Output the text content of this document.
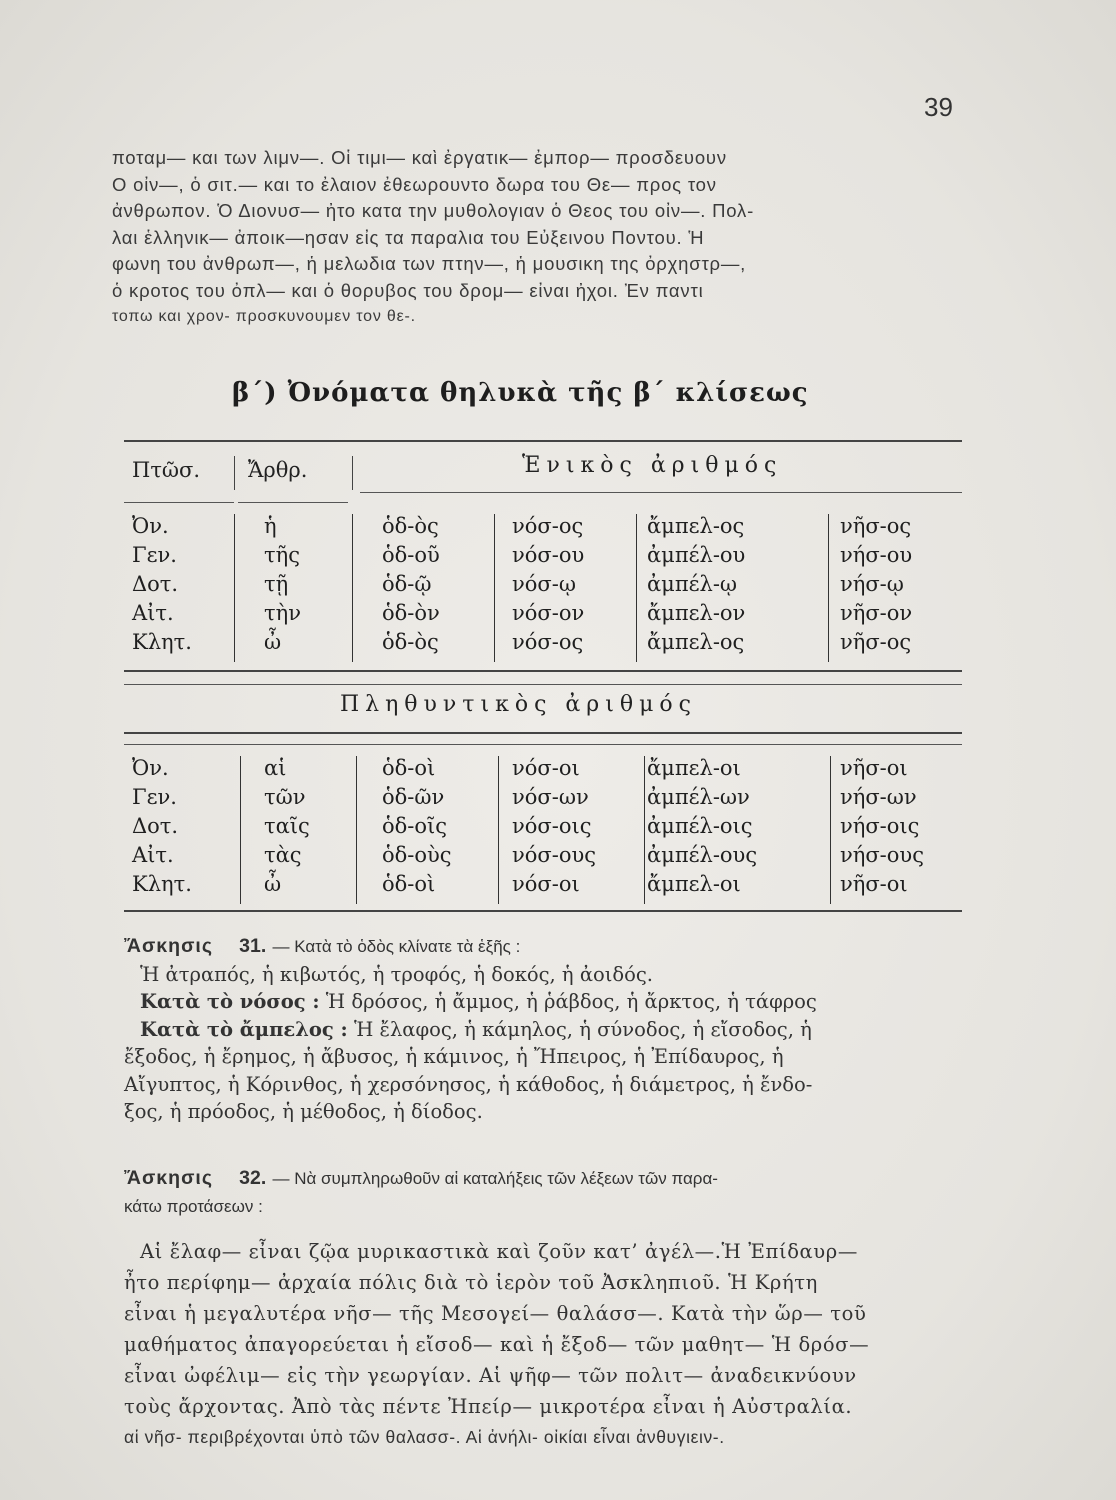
39
ποταμ— και των λιμν—. Οἱ τιμι— καὶ ἐργατικ— ἐμπορ— προσδευουν
Ο οἰν—, ὁ σιτ.— και το ἐλαιον ἐθεωρουντο δωρα του Θε— προς τον
ἀνθρωπον. Ὁ Διονυσ— ἠτο κατα την μυθολογιαν ὁ Θεος του οἰν—. Πολ-
λαι ἑλληνικ— ἀποικ—ησαν εἰς τα παραλια του Εὐξεινου Ποντου. Ἡ
φωνη του ἀνθρωπ—, ἡ μελωδια των πτην—, ἡ μουσικη της ὀρχηστρ—,
ὁ κροτος του ὀπλ— και ὁ θορυβος του δρομ— εἰναι ἠχοι. Ἐν παντι
τοπω και χρον- προσκυνουμεν τον θε-.
β΄) Ὀνόματα θηλυκὰ τῆς β΄ κλίσεως
Πτῶσ. Ἄρθρ.	Ἑνικὸς ἀριθμός
Ὀν.	ἡ	ὁδ-ὸς	νόσ-ος	ἄμπελ-ος	νῆσ-ος
Γεν.	τῆς	ὁδ-οῦ	νόσ-ου	ἀμπέλ-ου	νήσ-ου
Δοτ.	τῇ	ὁδ-ῷ	νόσ-ῳ	ἀμπέλ-ῳ	νήσ-ῳ
Αἰτ.	τὴν	ὁδ-ὸν	νόσ-ον	ἄμπελ-ον	νῆσ-ον
Κλητ.	ὦ	ὁδ-ὸς	νόσ-ος	ἄμπελ-ος	νῆσ-ος
Πληθυντικὸς ἀριθμός
Ὀν.	αἱ	ὁδ-οὶ	νόσ-οι	ἄμπελ-οι	νῆσ-οι
Γεν.	τῶν	ὁδ-ῶν	νόσ-ων	ἀμπέλ-ων	νήσ-ων
Δοτ.	ταῖς	ὁδ-οῖς	νόσ-οις	ἀμπέλ-οις	νήσ-οις
Αἰτ.	τὰς	ὁδ-οὺς	νόσ-ους ἀμπέλ-ους	νήσ-ους
Κλητ.	ὦ	ὁδ-οὶ	νόσ-οι	ἄμπελ-οι	νῆσ-οι
Ἄσκησις 31. — Κατὰ τὸ ὁδὸς κλίνατε τὰ ἑξῆς :
Ἡ ἀτραπός, ἡ κιβωτός, ἡ τροφός, ἡ δοκός, ἡ ἀοιδός.
Κατὰ τὸ νόσος : Ἡ δρόσος, ἡ ἄμμος, ἡ ῥάβδος, ἡ ἄρκτος, ἡ τάφρος
Κατὰ τὸ ἄμπελος : Ἡ ἔλαφος, ἡ κάμηλος, ἡ σύνοδος, ἡ εἴσοδος, ἡ
ἔξοδος, ἡ ἔρημος, ἡ ἄβυσος, ἡ κάμινος, ἡ Ἤπειρος, ἡ Ἐπίδαυρος, ἡ
Αἴγυπτος, ἡ Κόρινθος, ἡ χερσόνησος, ἡ κάθοδος, ἡ διάμετρος, ἡ ἔνδο-
ξος, ἡ πρόοδος, ἡ μέθοδος, ἡ δίοδος.
Ἄσκησις 32. — Νὰ συμπληρωθοῦν αἱ καταλήξεις τῶν λέξεων τῶν παρα-
κάτω προτάσεων :
Αἱ ἔλαφ— εἶναι ζῷα μυρικαστικὰ καὶ ζοῦν κατ’ ἀγέλ—.Ἡ Ἐπίδαυρ—
ἦτο περίφημ— ἀρχαία πόλις διὰ τὸ ἱερὸν τοῦ Ἀσκληπιοῦ. Ἡ Κρήτη
εἶναι ἡ μεγαλυτέρα νῆσ— τῆς Μεσογεί— θαλάσσ—. Κατὰ τὴν ὥρ— τοῦ
μαθήματος ἀπαγορεύεται ἡ εἴσοδ— καὶ ἡ ἔξοδ— τῶν μαθητ— Ἡ δρόσ—
εἶναι ὠφέλιμ— εἰς τὴν γεωργίαν. Αἱ ψῆφ— τῶν πολιτ— ἀναδεικνύουν
τοὺς ἄρχοντας. Ἀπὸ τὰς πέντε Ἠπείρ— μικροτέρα εἶναι ἡ Αὐστραλία.
αἱ νῆσ- περιβρέχονται ὑπὸ τῶν θαλασσ-. Αἱ ἀνήλι- οἰκίαι εἶναι ἀνθυγιειν-.
